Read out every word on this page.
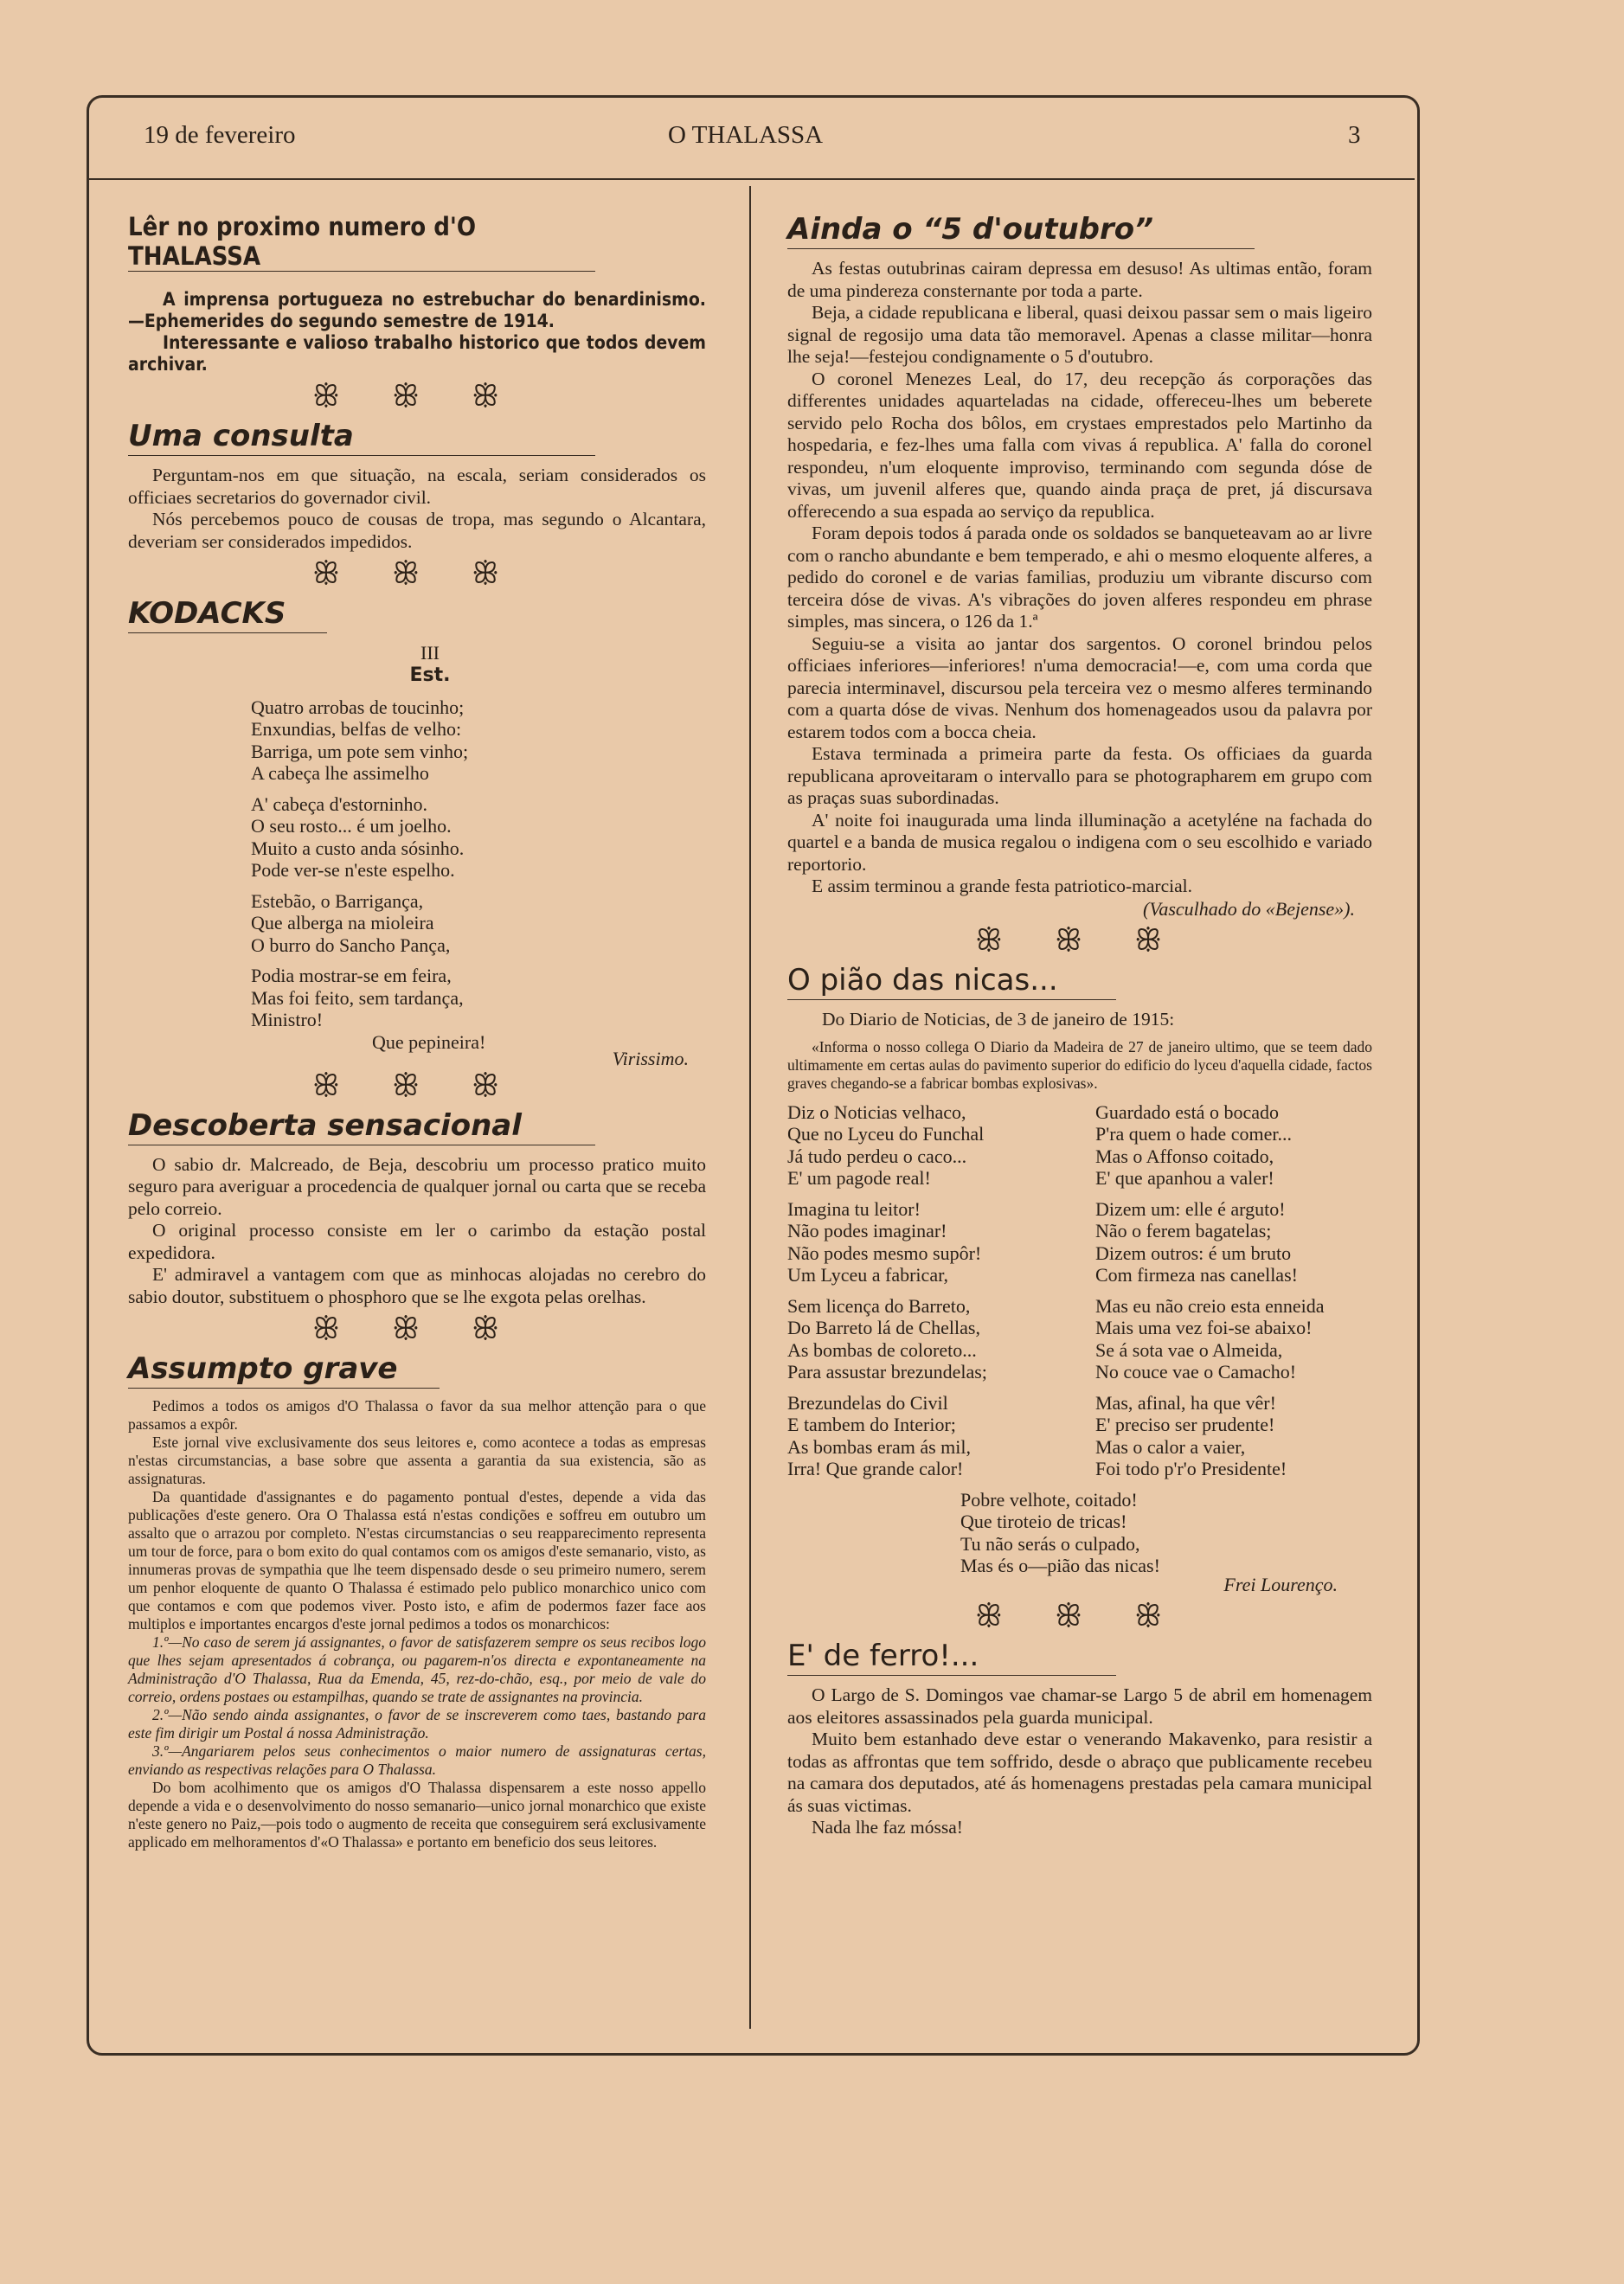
19 de fevereiro	O THALASSA	3
Lêr no proximo numero d'O THALASSA

A imprensa portugueza no estrebuchar do benardinismo.—Ephemerides do segundo semestre de 1914.

Interessante e valioso trabalho historico que todos devem archivar.

ꕥ ꕥ ꕥ
Uma consulta

Perguntam-nos em que situação, na escala, seriam considerados os officiaes secretarios do governador civil.

Nós percebemos pouco de cousas de tropa, mas segundo o Alcantara, deveriam ser considerados impedidos.

ꕥ ꕥ ꕥ
KODACKS
III
Est.
Quatro arrobas de toucinho;
Enxundias, belfas de velho:
Barriga, um pote sem vinho;
A cabeça lhe assimelho
A' cabeça d'estorninho.
O seu rosto... é um joelho.
Muito a custo anda sósinho.
Pode ver-se n'este espelho.
Estebão, o Barrigança,
Que alberga na mioleira
O burro do Sancho Pança,
Podia mostrar-se em feira,
Mas foi feito, sem tardança,
Ministro!
Que pepineira!
Virissimo.
ꕥ ꕥ ꕥ
Descoberta sensacional

O sabio dr. Malcreado, de Beja, descobriu um processo pratico muito seguro para averiguar a procedencia de qualquer jornal ou carta que se receba pelo correio.

O original processo consiste em ler o carimbo da estação postal expedidora.

E' admiravel a vantagem com que as minhocas alojadas no cerebro do sabio doutor, substituem o phosphoro que se lhe exgota pelas orelhas.

ꕥ ꕥ ꕥ
Assumpto grave

Pedimos a todos os amigos d'O Thalassa o favor da sua melhor attenção para o que passamos a expôr.

Este jornal vive exclusivamente dos seus leitores e, como acontece a todas as empresas n'estas circumstancias, a base sobre que assenta a garantia da sua existencia, são as assignaturas.

Da quantidade d'assignantes e do pagamento pontual d'estes, depende a vida das publicações d'este genero. Ora O Thalassa está n'estas condições e soffreu em outubro um assalto que o arrazou por completo. N'estas circumstancias o seu reapparecimento representa um tour de force, para o bom exito do qual contamos com os amigos d'este semanario, visto, as innumeras provas de sympathia que lhe teem dispensado desde o seu primeiro numero, serem um penhor eloquente de quanto O Thalassa é estimado pelo publico monarchico unico com que contamos e com que podemos viver. Posto isto, e afim de podermos fazer face aos multiplos e importantes encargos d'este jornal pedimos a todos os monarchicos:

1.º—No caso de serem já assignantes, o favor de satisfazerem sempre os seus recibos logo que lhes sejam apresentados á cobrança, ou pagarem-n'os directa e expontaneamente na Administração d'O Thalassa, Rua da Emenda, 45, rez-do-chão, esq., por meio de vale do correio, ordens postaes ou estampilhas, quando se trate de assignantes na provincia.

2.º—Não sendo ainda assignantes, o favor de se inscreverem como taes, bastando para este fim dirigir um Postal á nossa Administração.

3.º—Angariarem pelos seus conhecimentos o maior numero de assignaturas certas, enviando as respectivas relações para O Thalassa.

Do bom acolhimento que os amigos d'O Thalassa dispensarem a este nosso appello depende a vida e o desenvolvimento do nosso semanario—unico jornal monarchico que existe n'este genero no Paiz,—pois todo o augmento de receita que conseguirem será exclusivamente applicado em melhoramentos d'«O Thalassa» e portanto em beneficio dos seus leitores.

Ainda o “5 d'outubro”

As festas outubrinas cairam depressa em desuso! As ultimas então, foram de uma pindereza consternante por toda a parte.

Beja, a cidade republicana e liberal, quasi deixou passar sem o mais ligeiro signal de regosijo uma data tão memoravel. Apenas a classe militar—honra lhe seja!—festejou condignamente o 5 d'outubro.

O coronel Menezes Leal, do 17, deu recepção ás corporações das differentes unidades aquarteladas na cidade, offereceu-lhes um beberete servido pelo Rocha dos bôlos, em crystaes emprestados pelo Martinho da hospedaria, e fez-lhes uma falla com vivas á republica. A' falla do coronel respondeu, n'um eloquente improviso, terminando com segunda dóse de vivas, um juvenil alferes que, quando ainda praça de pret, já discursava offerecendo a sua espada ao serviço da republica.

Foram depois todos á parada onde os soldados se banqueteavam ao ar livre com o rancho abundante e bem temperado, e ahi o mesmo eloquente alferes, a pedido do coronel e de varias familias, produziu um vibrante discurso com terceira dóse de vivas. A's vibrações do joven alferes respondeu em phrase simples, mas sincera, o 126 da 1.ª

Seguiu-se a visita ao jantar dos sargentos. O coronel brindou pelos officiaes inferiores—inferiores! n'uma democracia!—e, com uma corda que parecia interminavel, discursou pela terceira vez o mesmo alferes terminando com a quarta dóse de vivas. Nenhum dos homenageados usou da palavra por estarem todos com a bocca cheia.

Estava terminada a primeira parte da festa. Os officiaes da guarda republicana aproveitaram o intervallo para se photographarem em grupo com as praças suas subordinadas.

A' noite foi inaugurada uma linda illuminação a acetyléne na fachada do quartel e a banda de musica regalou o indigena com o seu escolhido e variado reportorio.

E assim terminou a grande festa patriotico-marcial.

(Vasculhado do «Bejense»).
ꕥ ꕥ ꕥ
O pião das nicas...

Do Diario de Noticias, de 3 de janeiro de 1915:

«Informa o nosso collega O Diario da Madeira de 27 de janeiro ultimo, que se teem dado ultimamente em certas aulas do pavimento superior do edificio do lyceu d'aquella cidade, factos graves chegando-se a fabricar bombas explosivas».

Diz o Noticias velhaco,
Que no Lyceu do Funchal
Já tudo perdeu o caco...
E' um pagode real!
Imagina tu leitor!
Não podes imaginar!
Não podes mesmo supôr!
Um Lyceu a fabricar,
Sem licença do Barreto,
Do Barreto lá de Chellas,
As bombas de coloreto...
Para assustar brezundelas;
Brezundelas do Civil
E tambem do Interior;
As bombas eram ás mil,
Irra! Que grande calor!
Guardado está o bocado
P'ra quem o hade comer...
Mas o Affonso coitado,
E' que apanhou a valer!
Dizem um: elle é arguto!
Não o ferem bagatelas;
Dizem outros: é um bruto
Com firmeza nas canellas!
Mas eu não creio esta enneida
Mais uma vez foi-se abaixo!
Se á sota vae o Almeida,
No couce vae o Camacho!
Mas, afinal, ha que vêr!
E' preciso ser prudente!
Mas o calor a vaier,
Foi todo p'r'o Presidente!
Pobre velhote, coitado!
Que tiroteio de tricas!
Tu não serás o culpado,
Mas és o—pião das nicas!
Frei Lourenço.
ꕥ ꕥ ꕥ
E' de ferro!...

O Largo de S. Domingos vae chamar-se Largo 5 de abril em homenagem aos eleitores assassinados pela guarda municipal.

Muito bem estanhado deve estar o venerando Makavenko, para resistir a todas as affrontas que tem soffrido, desde o abraço que publicamente recebeu na camara dos deputados, até ás homenagens prestadas pela camara municipal ás suas victimas.

Nada lhe faz móssa!
